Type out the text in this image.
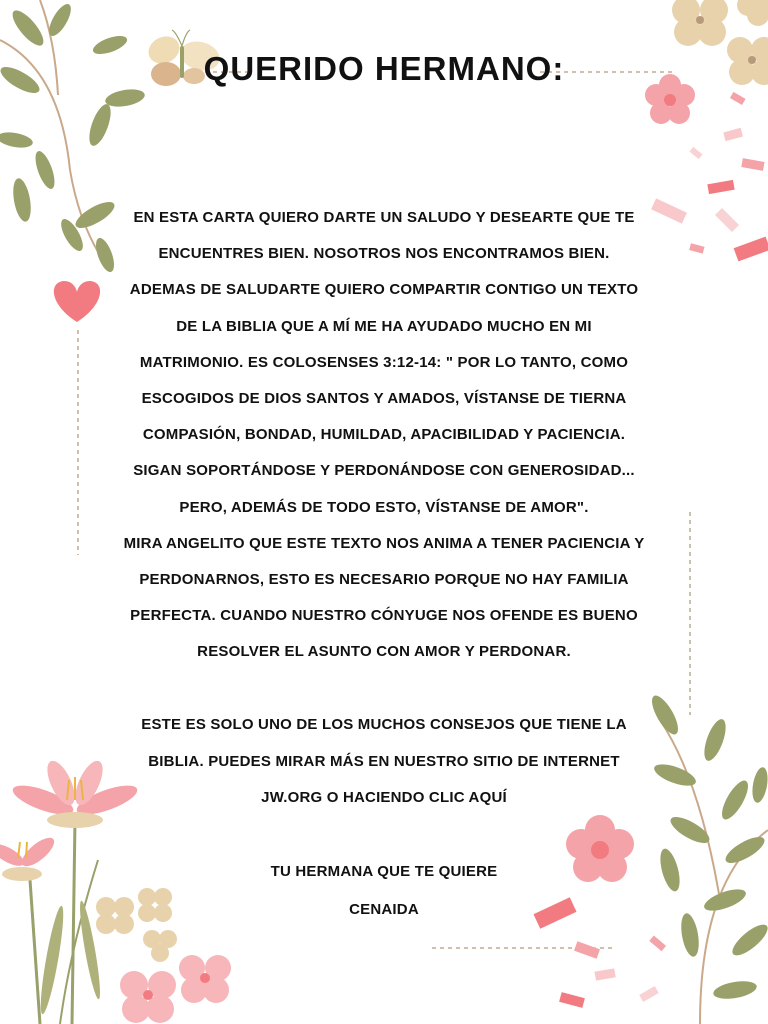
QUERIDO HERMANO:
EN ESTA CARTA QUIERO DARTE UN SALUDO Y DESEARTE QUE TE
ENCUENTRES BIEN. NOSOTROS NOS ENCONTRAMOS BIEN.
ADEMAS DE SALUDARTE QUIERO COMPARTIR CONTIGO UN TEXTO
DE LA BIBLIA QUE A MÍ ME HA AYUDADO MUCHO EN MI
MATRIMONIO. ES COLOSENSES 3:12-14: " POR LO TANTO, COMO
ESCOGIDOS DE DIOS SANTOS Y AMADOS, VÍSTANSE DE TIERNA
COMPASIÓN, BONDAD, HUMILDAD, APACIBILIDAD Y PACIENCIA.
SIGAN SOPORTÁNDOSE Y PERDONÁNDOSE CON GENEROSIDAD...
PERO, ADEMÁS DE TODO ESTO, VÍSTANSE DE AMOR".
MIRA ANGELITO QUE ESTE TEXTO NOS ANIMA A TENER PACIENCIA Y
PERDONARNOS, ESTO ES NECESARIO PORQUE NO HAY FAMILIA
PERFECTA. CUANDO NUESTRO CÓNYUGE NOS OFENDE ES BUENO
RESOLVER EL ASUNTO CON AMOR Y PERDONAR.
ESTE ES SOLO UNO DE LOS MUCHOS CONSEJOS QUE TIENE LA
BIBLIA. PUEDES MIRAR MÁS EN NUESTRO SITIO DE INTERNET
JW.ORG O HACIENDO CLIC AQUÍ
TU HERMANA QUE TE QUIERE
CENAIDA
